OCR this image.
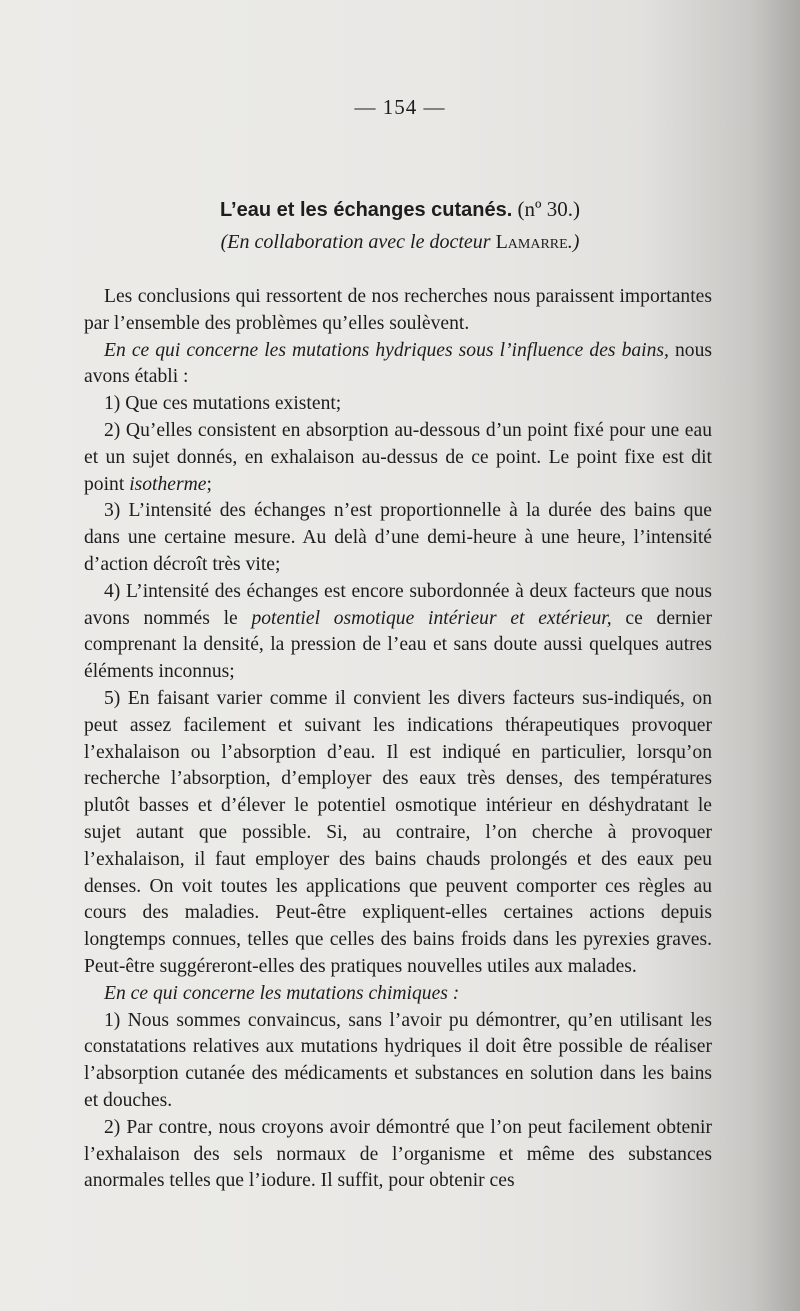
— 154 —
L’eau et les échanges cutanés. (nº 30.)
(En collaboration avec le docteur Lamarre.)

Les conclusions qui ressortent de nos recherches nous paraissent importantes par l’ensemble des problèmes qu’elles soulèvent.

En ce qui concerne les mutations hydriques sous l’influence des bains, nous avons établi :

1) Que ces mutations existent;

2) Qu’elles consistent en absorption au-dessous d’un point fixé pour une eau et un sujet donnés, en exhalaison au-dessus de ce point. Le point fixe est dit point isotherme;

3) L’intensité des échanges n’est proportionnelle à la durée des bains que dans une certaine mesure. Au delà d’une demi-heure à une heure, l’intensité d’action décroît très vite;

4) L’intensité des échanges est encore subordonnée à deux facteurs que nous avons nommés le potentiel osmotique intérieur et extérieur, ce dernier comprenant la densité, la pression de l’eau et sans doute aussi quelques autres éléments inconnus;

5) En faisant varier comme il convient les divers facteurs sus-indiqués, on peut assez facilement et suivant les indications thérapeutiques provoquer l’exhalaison ou l’absorption d’eau. Il est indiqué en particulier, lorsqu’on recherche l’absorption, d’employer des eaux très denses, des températures plutôt basses et d’élever le potentiel osmotique intérieur en déshydratant le sujet autant que possible. Si, au contraire, l’on cherche à provoquer l’exhalaison, il faut employer des bains chauds prolongés et des eaux peu denses. On voit toutes les applications que peuvent comporter ces règles au cours des maladies. Peut-être expliquent-elles certaines actions depuis longtemps connues, telles que celles des bains froids dans les pyrexies graves. Peut-être suggéreront-elles des pratiques nouvelles utiles aux malades.

En ce qui concerne les mutations chimiques :

1) Nous sommes convaincus, sans l’avoir pu démontrer, qu’en utilisant les constatations relatives aux mutations hydriques il doit être possible de réaliser l’absorption cutanée des médicaments et substances en solution dans les bains et douches.

2) Par contre, nous croyons avoir démontré que l’on peut facilement obtenir l’exhalaison des sels normaux de l’organisme et même des substances anormales telles que l’iodure. Il suffit, pour obtenir ces
